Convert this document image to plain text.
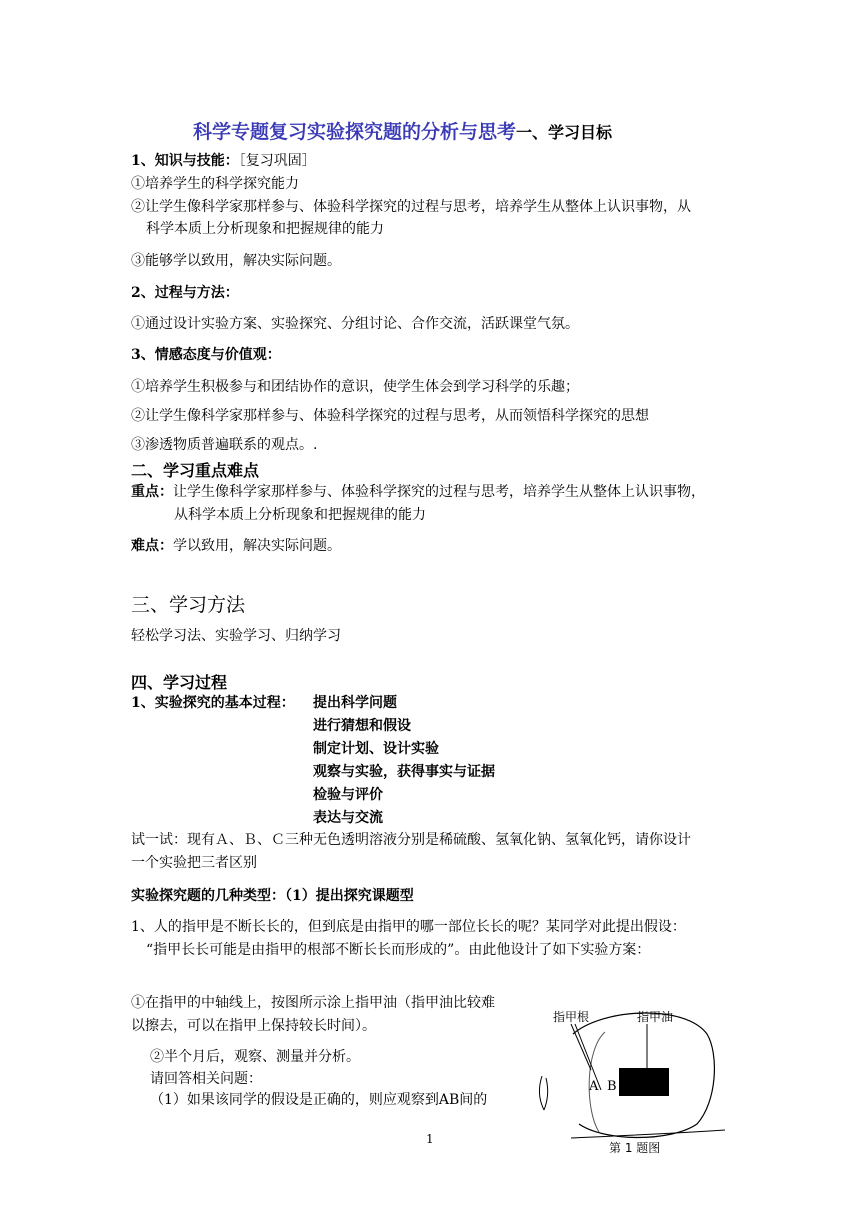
科学专题复习实验探究题的分析与思考一、学习目标
1、知识与技能：［复习巩固］
①培养学生的科学探究能力
②让学生像科学家那样参与、体验科学探究的过程与思考，培养学生从整体上认识事物，从
科学本质上分析现象和把握规律的能力
③能够学以致用，解决实际问题。
2、过程与方法：
①通过设计实验方案、实验探究、分组讨论、合作交流，活跃课堂气氛。
3、情感态度与价值观：
①培养学生积极参与和团结协作的意识，使学生体会到学习科学的乐趣；
②让学生像科学家那样参与、体验科学探究的过程与思考，从而领悟科学探究的思想
③渗透物质普遍联系的观点。.
二、学习重点难点
重点：让学生像科学家那样参与、体验科学探究的过程与思考，培养学生从整体上认识事物，
从科学本质上分析现象和把握规律的能力
难点：学以致用，解决实际问题。
三、学习方法
轻松学习法、实验学习、归纳学习
四、学习过程
1、实验探究的基本过程： 提出科学问题
进行猜想和假设
制定计划、设计实验
观察与实验，获得事实与证据
检验与评价
表达与交流
试一试：现有Ａ、Ｂ、Ｃ三种无色透明溶液分别是稀硫酸、氢氧化钠、氢氧化钙，请你设计
一个实验把三者区别
实验探究题的几种类型：（1）提出探究课题型
1、人的指甲是不断长长的，但到底是由指甲的哪一部位长长的呢？某同学对此提出假设：
“指甲长长可能是由指甲的根部不断长长而形成的”。由此他设计了如下实验方案：
①在指甲的中轴线上，按图所示涂上指甲油（指甲油比较难
以擦去，可以在指甲上保持较长时间）。
②半个月后，观察、测量并分析。
请回答相关问题：
（1）如果该同学的假设是正确的，则应观察到AB间的
指甲根	指甲油
A B
第 1 题图
1
